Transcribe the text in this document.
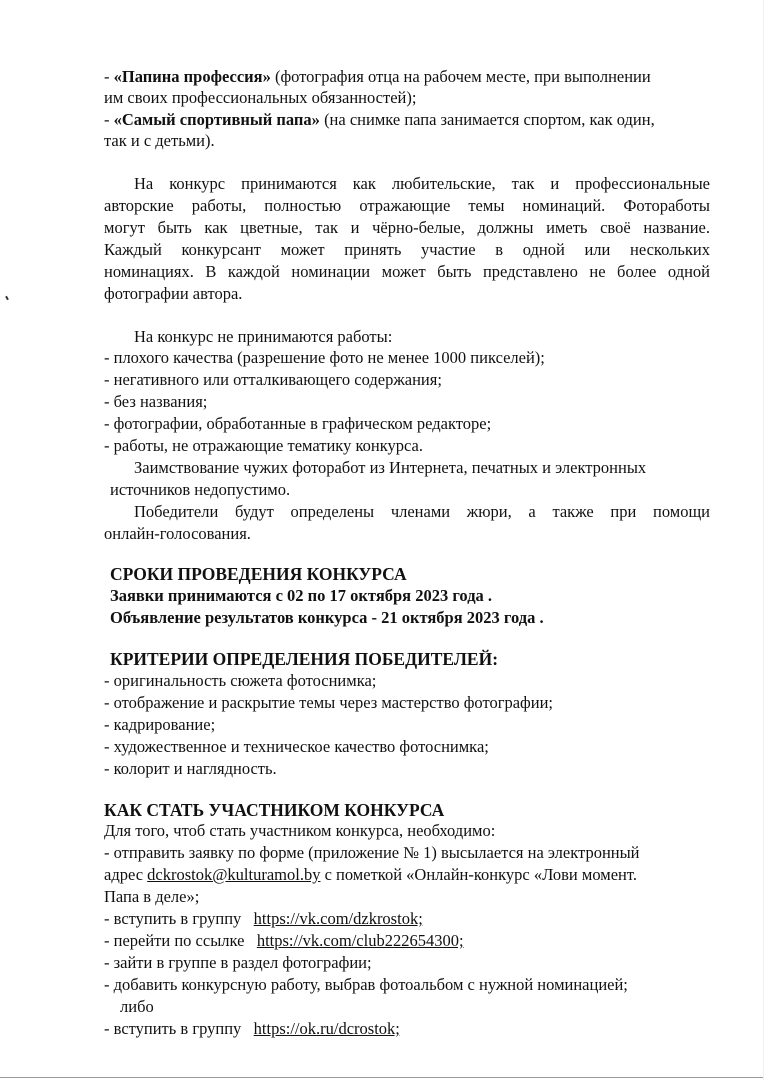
- «Папина профессия» (фотография отца на рабочем месте, при выполнении
им своих профессиональных обязанностей);
- «Самый спортивный папа» (на снимке папа занимается спортом, как один,
так и с детьми).
На конкурс принимаются как любительские, так и профессиональные
авторские работы, полностью отражающие темы номинаций. Фотоработы
могут быть как цветные, так и чёрно-белые, должны иметь своё название.
Каждый конкурсант может принять участие в одной или нескольких
номинациях. В каждой номинации может быть представлено не более одной
фотографии автора.
На конкурс не принимаются работы:
- плохого качества (разрешение фото не менее 1000 пикселей);
- негативного или отталкивающего содержания;
- без названия;
- фотографии, обработанные в графическом редакторе;
- работы, не отражающие тематику конкурса.
Заимствование чужих фоторабот из Интернета, печатных и электронных
источников недопустимо.
Победители будут определены членами жюри, а также при помощи
онлайн-голосования.
СРОКИ ПРОВЕДЕНИЯ КОНКУРСА
Заявки принимаются с 02 по 17 октября 2023 года .
Объявление результатов конкурса - 21 октября 2023 года .
КРИТЕРИИ ОПРЕДЕЛЕНИЯ ПОБЕДИТЕЛЕЙ:
- оригинальность сюжета фотоснимка;
- отображение и раскрытие темы через мастерство фотографии;
- кадрирование;
- художественное и техническое качество фотоснимка;
- колорит и наглядность.
КАК СТАТЬ УЧАСТНИКОМ КОНКУРСА
Для того, чтоб стать участником конкурса, необходимо:
- отправить заявку по форме (приложение № 1) высылается на электронный
адрес dckrostok@kulturamol.by с пометкой «Онлайн-конкурс «Лови момент.
Папа в деле»;
- вступить в группу   https://vk.com/dzkrostok;
- перейти по ссылке   https://vk.com/club222654300;
- зайти в группе в раздел фотографии;
- добавить конкурсную работу, выбрав фотоальбом с нужной номинацией;
либо
- вступить в группу   https://ok.ru/dcrostok;
